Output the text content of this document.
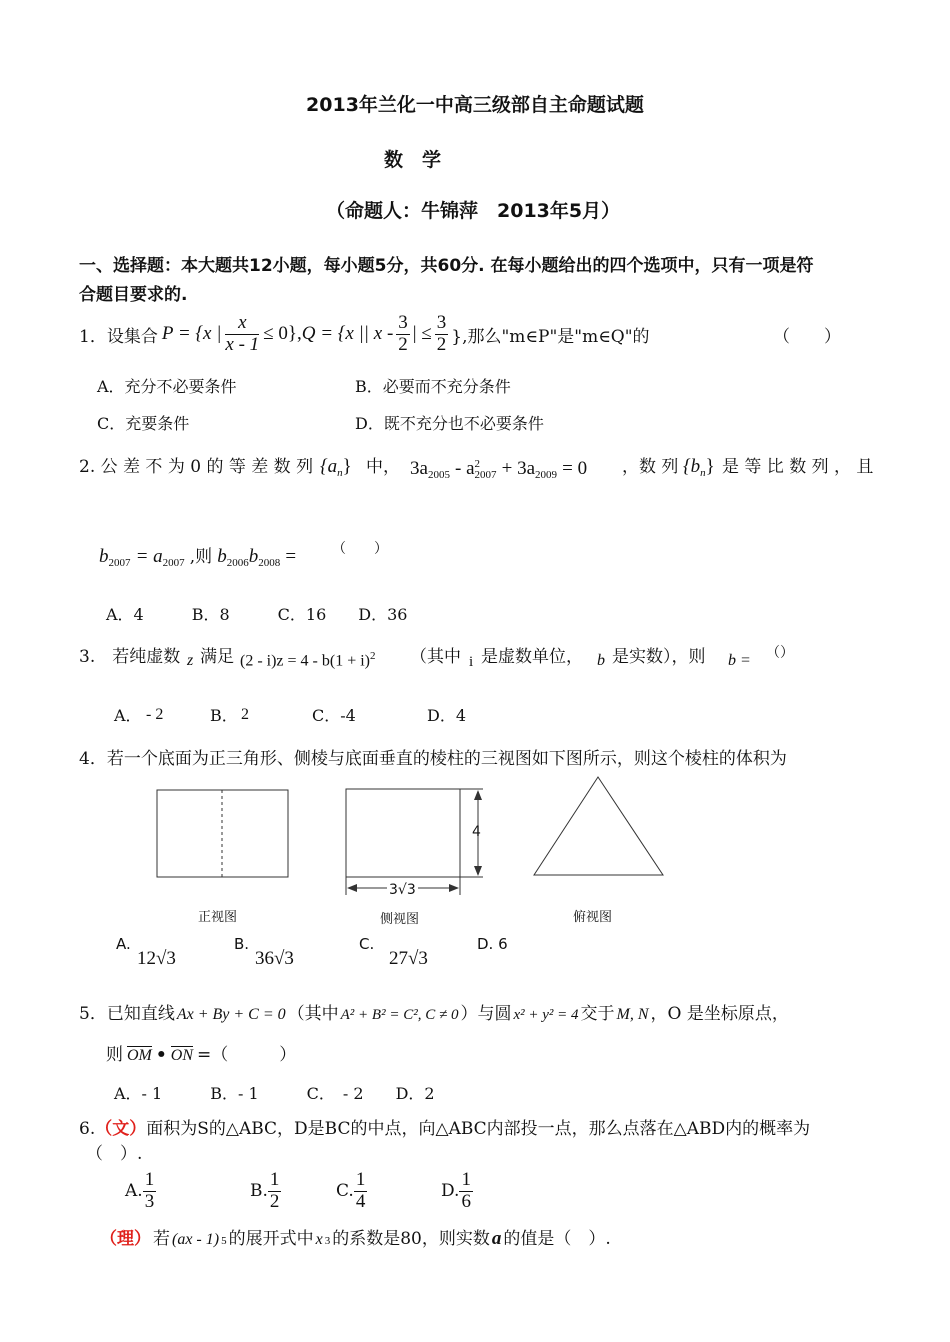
2013年兰化一中高三级部自主命题试题
数　学
（命题人：牛锦萍　2013年5月）
一、选择题：本大题共12小题，每小题5分，共60分. 在每小题给出的四个选项中，只有一项是符
合题目要求的.
1．设集合 P = {x | $\frac{x}{x - 1} \le 0$}, Q = {x || x - $\frac{3}{2}$ | ≤ $\frac{3}{2}$ },那么"m∈P"是"m∈Q"的	（　　）
A．充分不必要条件	B．必要而不充分条件
C．充要条件	D．既不充分也不必要条件
2. 公 差 不 为 0 的 等 差 数 列 $\{a_n\}$ 中， $3a_{2005}$ - a 2
$2007 + 3a_{2009} = 0$ ，数 列 $\{b_n\}$ 是 等 比 数 列 ， 且
$b_{2007} = a_{2007}$ ,则 $b_{2006}b_{2008}$ =	（　　）
A．4　　　B．8　　　C．16　　D．36
3.　若纯虚数 z 满足 $(2 - i)z = 4 - b(1 + i)^2$ （其中 i 是虚数单位， b 是实数），则 b = （）
A． - 2	B． 2	C．-4	D．4
4．若一个底面为正三角形、侧棱与底面垂直的棱柱的三视图如下图所示，则这个棱柱的体积为
4
3√3
正视图	侧视图	俯视图
A.
12√3
B.
36√3
C.
27√3
D. 6
5．已知直线 Ax + By + C = 0 （其中 A² + B² = C², C ≠ 0 ）与圆 x² + y² = 4 交于 M, N ，O 是坐标原点，
则 OM • ON =（　　　）
A．- 1　　　B．- 1　　　C．　- 2　　D．2
6. （文） 面积为S的△ABC，D是BC的中点，向△ABC内部投一点，那么点落在△ABD内的概率为
（　）.
A. $\frac{1}{3}$	B. $\frac{1}{2}$	C. $\frac{1}{4}$	D. $\frac{1}{6}$
（理） 若 (ax - 1) 5 的展开式中 x 3 的系数是80，则实数 a 的值是（　）.
